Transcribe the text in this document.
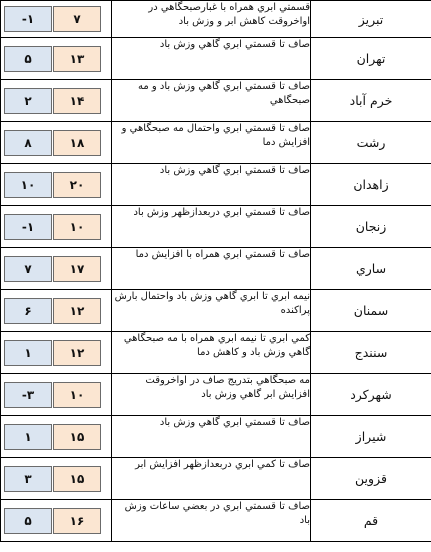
تبریز	قسمتي ابري همراه با غبارصبحگاهي در اواخروقت کاهش ابر و وزش باد	-۱ ۷

تهران	صاف تا قسمتي ابري گاهي وزش باد	۵ ۱۳

خرم آباد	صاف تا قسمتي ابري گاهي وزش باد و مه صبحگاهي	۲ ۱۴

رشت	صاف تا قسمتي ابري واحتمال مه صبحگاهي و افزايش دما	۸ ۱۸

زاهدان	صاف تا قسمتي ابري گاهي وزش باد	۱۰ ۲۰

زنجان	صاف تا قسمتي ابري دربعدازظهر وزش باد	-۱ ۱۰

ساري	صاف تا قسمتي ابري همراه با افزايش دما	۷ ۱۷

سمنان	نيمه ابري تا ابري گاهي وزش باد واحتمال بارش پراکنده	۶ ۱۲

سنندج	کمي ابري تا نيمه ابري همراه با مه صبحگاهي گاهي وزش باد و کاهش دما	۱ ۱۲

شهرکرد	مه صبحگاهي بتدريج صاف در اواخروقت افزايش ابر گاهي وزش باد	-۳ ۱۰

شيراز	صاف تا قسمتي ابري گاهي وزش باد	۱ ۱۵

قزوين	صاف تا کمي ابري دربعدازظهر افزايش ابر	۳ ۱۵

قم	صاف تا قسمتي ابري در بعضي ساعات وزش باد	۵ ۱۶
